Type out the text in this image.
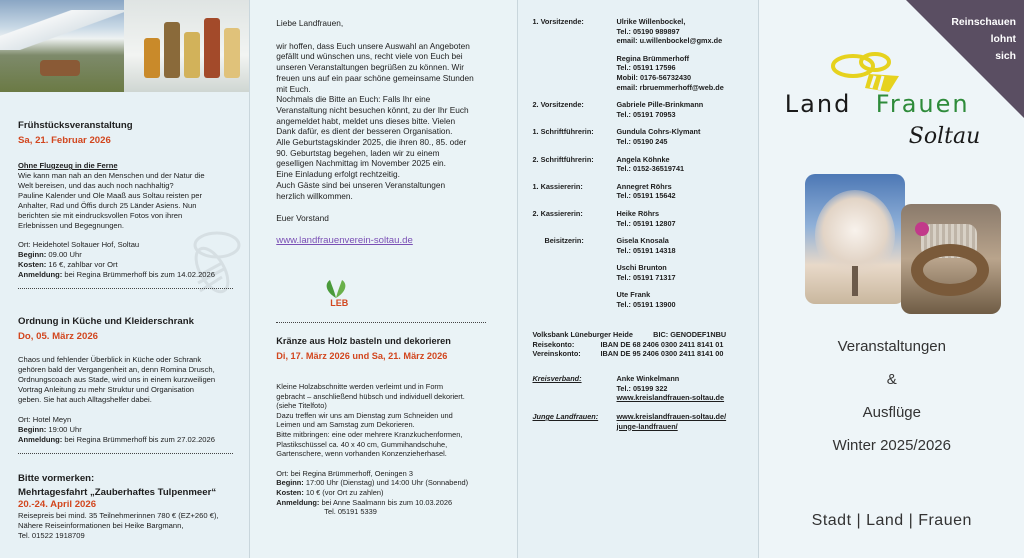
Frühstücksveranstaltung
Sa, 21. Februar 2026
Ohne Flugzeug in die Ferne
Wie kann man nah an den Menschen und der Natur die
Welt bereisen, und das auch noch nachhaltig?
Pauline Kalender und Ole Maaß aus Soltau reisten per
Anhalter, Rad und Öffis durch 25 Länder Asiens. Nun
berichten sie mit eindrucksvollen Fotos von ihren
Erlebnissen und Begegnungen.
Ort: Heidehotel Soltauer Hof, Soltau
Beginn: 09.00 Uhr
Kosten: 16 €, zahlbar vor Ort
Anmeldung: bei Regina Brümmerhoff bis zum 14.02.2026
Ordnung in Küche und Kleiderschrank
Do, 05. März 2026
Chaos und fehlender Überblick in Küche oder Schrank
gehören bald der Vergangenheit an, denn Romina Drusch,
Ordnungscoach aus Stade, wird uns in einem kurzweiligen
Vortrag Anleitung zu mehr Struktur und Organisation
geben. Sie hat auch Alltagshelfer dabei.
Ort: Hotel Meyn
Beginn: 19:00 Uhr
Anmeldung: bei Regina Brümmerhoff bis zum 27.02.2026
Bitte vormerken:
Mehrtagesfahrt „Zauberhaftes Tulpenmeer“
20.-24. April 2026
Reisepreis bei mind. 35 Teilnehmerinnen 780 € (EZ+260 €),
Nähere Reiseinformationen bei Heike Bargmann,
Tel. 01522 1918709
Liebe Landfrauen,
wir hoffen, dass Euch unsere Auswahl an Angeboten
gefällt und wünschen uns, recht viele von Euch bei
unseren Veranstaltungen begrüßen zu können. Wir
freuen uns auf ein paar schöne gemeinsame Stunden
mit Euch.
Nochmals die Bitte an Euch: Falls Ihr eine
Veranstaltung nicht besuchen könnt, zu der Ihr Euch
angemeldet habt, meldet uns dieses bitte. Vielen
Dank dafür, es dient der besseren Organisation.
Alle Geburtstagskinder 2025, die ihren 80., 85. oder
90. Geburtstag begehen, laden wir zu einem
geselligen Nachmittag im November 2025 ein.
Eine Einladung erfolgt rechtzeitig.
Auch Gäste sind bei unseren Veranstaltungen
herzlich willkommen.
Euer Vorstand
www.landfrauenverein-soltau.de
LEB
Kränze aus Holz basteln und dekorieren
Di, 17. März 2026 und Sa, 21. März 2026
Kleine Holzabschnitte werden verleimt und in Form
gebracht – anschließend hübsch und individuell dekoriert.
(siehe Titelfoto)
Dazu treffen wir uns am Dienstag zum Schneiden und
Leimen und am Samstag zum Dekorieren.
Bitte mitbringen: eine oder mehrere Kranzkuchenformen,
Plastikschüssel ca. 40 x 40 cm, Gummihandschuhe,
Gartenschere, wenn vorhanden Konzenzieherhasel.
Ort: bei Regina Brümmerhoff, Oeningen 3
Beginn: 17:00 Uhr (Dienstag) und 14:00 Uhr (Sonnabend)
Kosten: 10 € (vor Ort zu zahlen)
Anmeldung: bei Anne Saalmann bis zum 10.03.2026
Tel. 05191 5339
1. Vorsitzende:	Ulrike Willenbockel,
Tel.: 05190 989897
email: u.willenbockel@gmx.de
Regina Brümmerhoff
Tel.: 05191 17596
Mobil: 0176-56732430
email: rbruemmerhoff@web.de
2. Vorsitzende:	Gabriele Pille-Brinkmann
Tel.: 05191 70953
1. Schriftführerin:	Gundula Cohrs-Klymant
Tel.: 05190 245
2. Schriftführerin:	Angela Köhnke
Tel.: 0152-36519741
1. Kassiererin:	Annegret Röhrs
Tel.: 05191 15642
2. Kassiererin:	Heike Röhrs
Tel.: 05191 12807
Beisitzerin:	Gisela Knosala
Tel.: 05191 14318
Uschi Brunton
Tel.: 05191 71317
Ute Frank
Tel.: 05191 13900
Volksbank Lüneburger Heide          BIC: GENODEF1NBU
Reisekonto:	IBAN DE 68 2406 0300 2411 8141 01
Vereinskonto:	IBAN DE 95 2406 0300 2411 8141 00
Kreisverband:	Anke Winkelmann
Tel.: 05199 322
www.kreislandfrauen-soltau.de
Junge Landfrauen:	www.kreislandfrauen-soltau.de/
junge-landfrauen/
Reinschauen
lohnt
sich
Land Frauen
Soltau
Veranstaltungen
&
Ausflüge
Winter 2025/2026
Stadt | Land | Frauen
